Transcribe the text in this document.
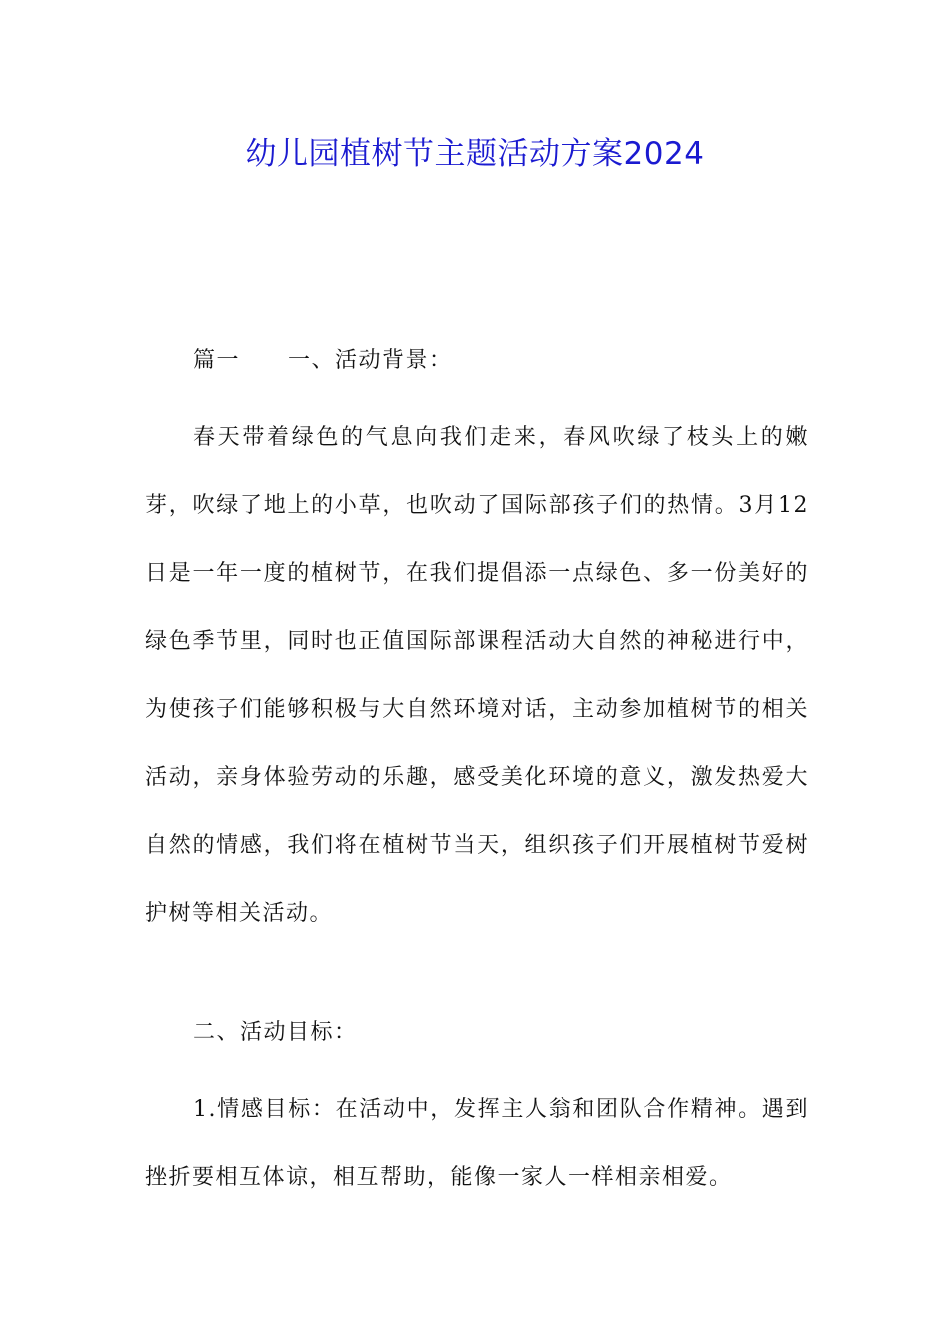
幼儿园植树节主题活动方案2024
篇一 一、活动背景：

春天带着绿色的气息向我们走来，春风吹绿了枝头上的嫩芽，吹绿了地上的小草，也吹动了国际部孩子们的热情。3月12日是一年一度的植树节，在我们提倡添一点绿色、多一份美好的绿色季节里，同时也正值国际部课程活动大自然的神秘进行中，为使孩子们能够积极与大自然环境对话，主动参加植树节的相关活动，亲身体验劳动的乐趣，感受美化环境的意义，激发热爱大自然的情感，我们将在植树节当天，组织孩子们开展植树节爱树护树等相关活动。

二、活动目标：

1.情感目标：在活动中，发挥主人翁和团队合作精神。遇到挫折要相互体谅，相互帮助，能像一家人一样相亲相爱。
